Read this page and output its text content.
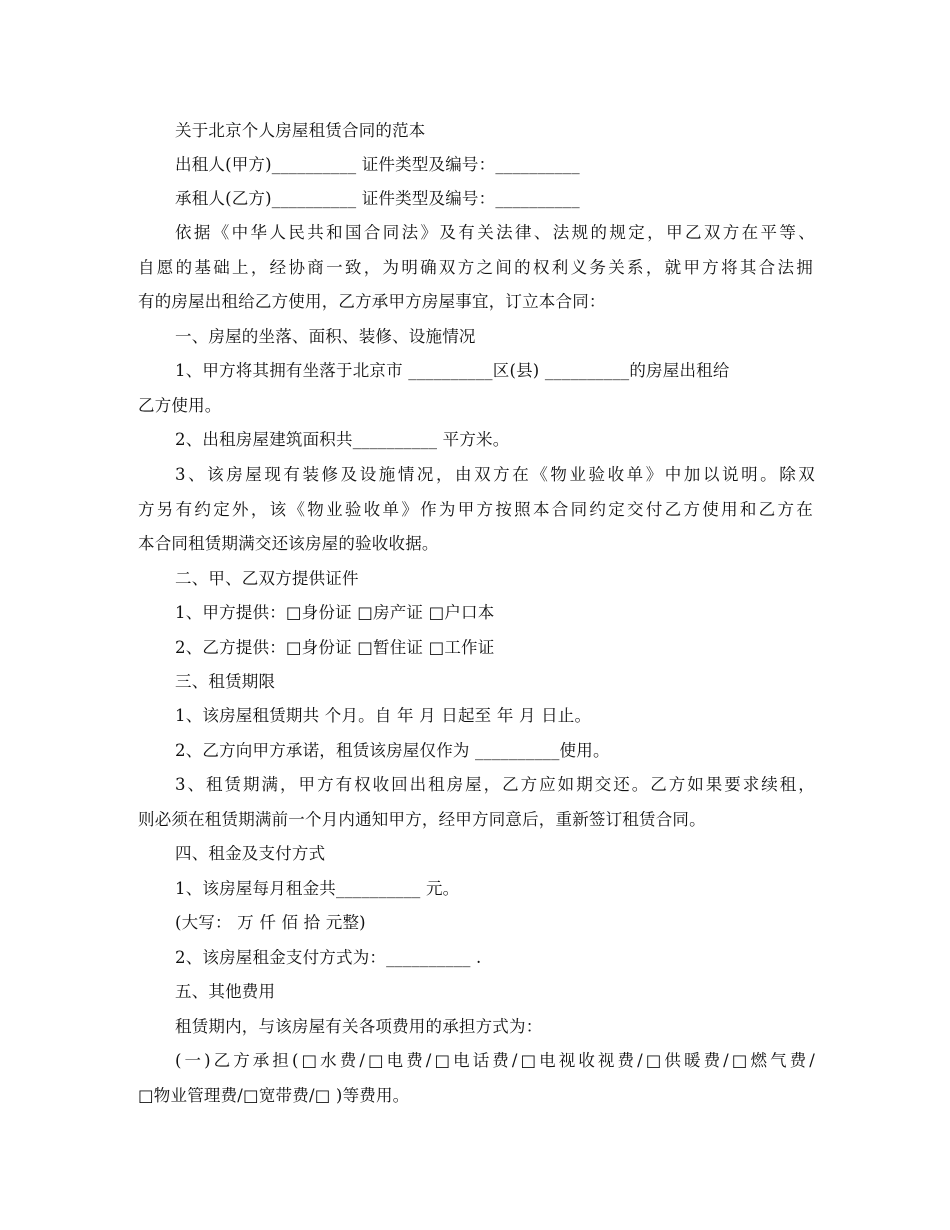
关于北京个人房屋租赁合同的范本
出租人(甲方)__________ 证件类型及编号：__________
承租人(乙方)__________ 证件类型及编号：__________
依据《中华人民共和国合同法》及有关法律、法规的规定，甲乙双方在平等、
自愿的基础上，经协商一致，为明确双方之间的权利义务关系，就甲方将其合法拥
有的房屋出租给乙方使用，乙方承甲方房屋事宜，订立本合同：
一、房屋的坐落、面积、装修、设施情况
1、甲方将其拥有坐落于北京市 __________区(县) __________的房屋出租给
乙方使用。
2、出租房屋建筑面积共__________ 平方米。
3、该房屋现有装修及设施情况，由双方在《物业验收单》中加以说明。除双
方另有约定外，该《物业验收单》作为甲方按照本合同约定交付乙方使用和乙方在
本合同租赁期满交还该房屋的验收收据。
二、甲、乙双方提供证件
1、甲方提供：□身份证 □房产证 □户口本
2、乙方提供：□身份证 □暂住证 □工作证
三、租赁期限
1、该房屋租赁期共 个月。自 年 月 日起至 年 月 日止。
2、乙方向甲方承诺，租赁该房屋仅作为 __________使用。
3、租赁期满，甲方有权收回出租房屋，乙方应如期交还。乙方如果要求续租，
则必须在租赁期满前一个月内通知甲方，经甲方同意后，重新签订租赁合同。
四、租金及支付方式
1、该房屋每月租金共__________ 元。
(大写： 万 仟 佰 拾 元整)
2、该房屋租金支付方式为：__________ .
五、其他费用
租赁期内，与该房屋有关各项费用的承担方式为：
(一)乙方承担(□水费/□电费/□电话费/□电视收视费/□供暖费/□燃气费/
□物业管理费/□宽带费/□ )等费用。
